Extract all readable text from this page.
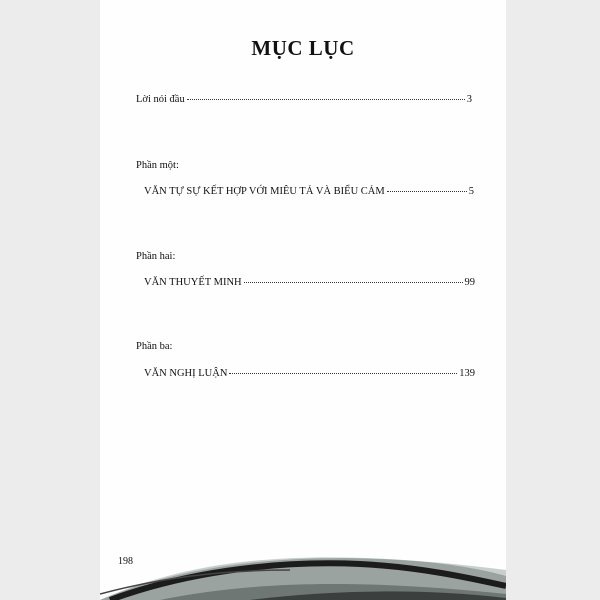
MỤC LỤC
Lời nói đầu	3
Phần một:
VĂN TỰ SỰ KẾT HỢP VỚI MIÊU TẢ VÀ BIỂU CẢM	5
Phần hai:
VĂN THUYẾT MINH	99
Phần ba:
VĂN NGHỊ LUẬN	139
198
